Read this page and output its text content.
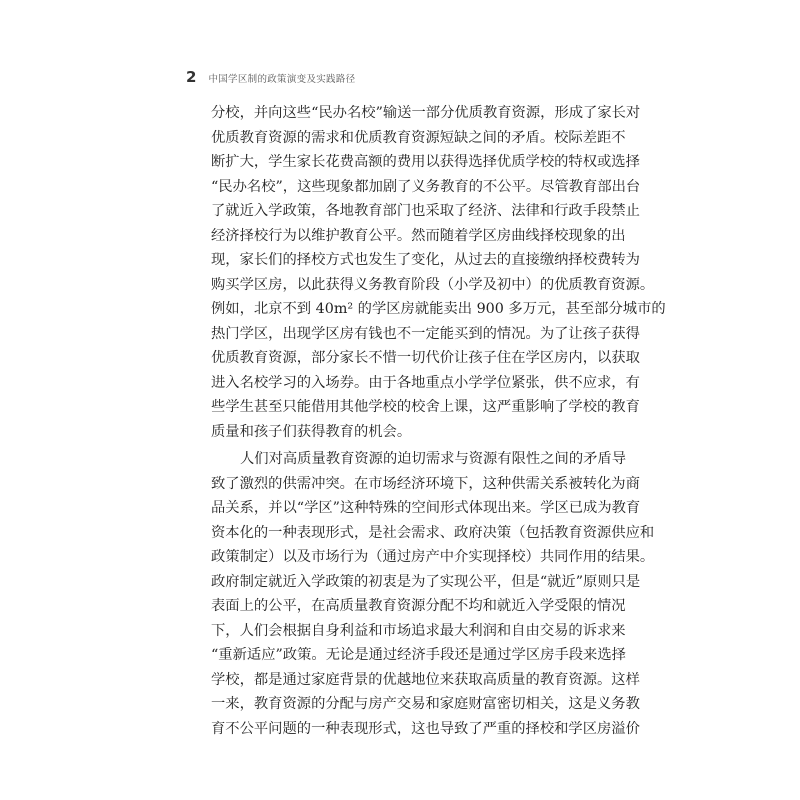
2 中国学区制的政策演变及实践路径
分校，并向这些“民办名校”输送一部分优质教育资源，形成了家长对
优质教育资源的需求和优质教育资源短缺之间的矛盾。校际差距不
断扩大，学生家长花费高额的费用以获得选择优质学校的特权或选择
“民办名校”，这些现象都加剧了义务教育的不公平。尽管教育部出台
了就近入学政策，各地教育部门也采取了经济、法律和行政手段禁止
经济择校行为以维护教育公平。然而随着学区房曲线择校现象的出
现，家长们的择校方式也发生了变化，从过去的直接缴纳择校费转为
购买学区房，以此获得义务教育阶段（小学及初中）的优质教育资源。
例如，北京不到 40m² 的学区房就能卖出 900 多万元，甚至部分城市的
热门学区，出现学区房有钱也不一定能买到的情况。为了让孩子获得
优质教育资源，部分家长不惜一切代价让孩子住在学区房内，以获取
进入名校学习的入场券。由于各地重点小学学位紧张，供不应求，有
些学生甚至只能借用其他学校的校舍上课，这严重影响了学校的教育
质量和孩子们获得教育的机会。
人们对高质量教育资源的迫切需求与资源有限性之间的矛盾导
致了激烈的供需冲突。在市场经济环境下，这种供需关系被转化为商
品关系，并以“学区”这种特殊的空间形式体现出来。学区已成为教育
资本化的一种表现形式，是社会需求、政府决策（包括教育资源供应和
政策制定）以及市场行为（通过房产中介实现择校）共同作用的结果。
政府制定就近入学政策的初衷是为了实现公平，但是“就近”原则只是
表面上的公平，在高质量教育资源分配不均和就近入学受限的情况
下，人们会根据自身利益和市场追求最大利润和自由交易的诉求来
“重新适应”政策。无论是通过经济手段还是通过学区房手段来选择
学校，都是通过家庭背景的优越地位来获取高质量的教育资源。这样
一来，教育资源的分配与房产交易和家庭财富密切相关，这是义务教
育不公平问题的一种表现形式，这也导致了严重的择校和学区房溢价
